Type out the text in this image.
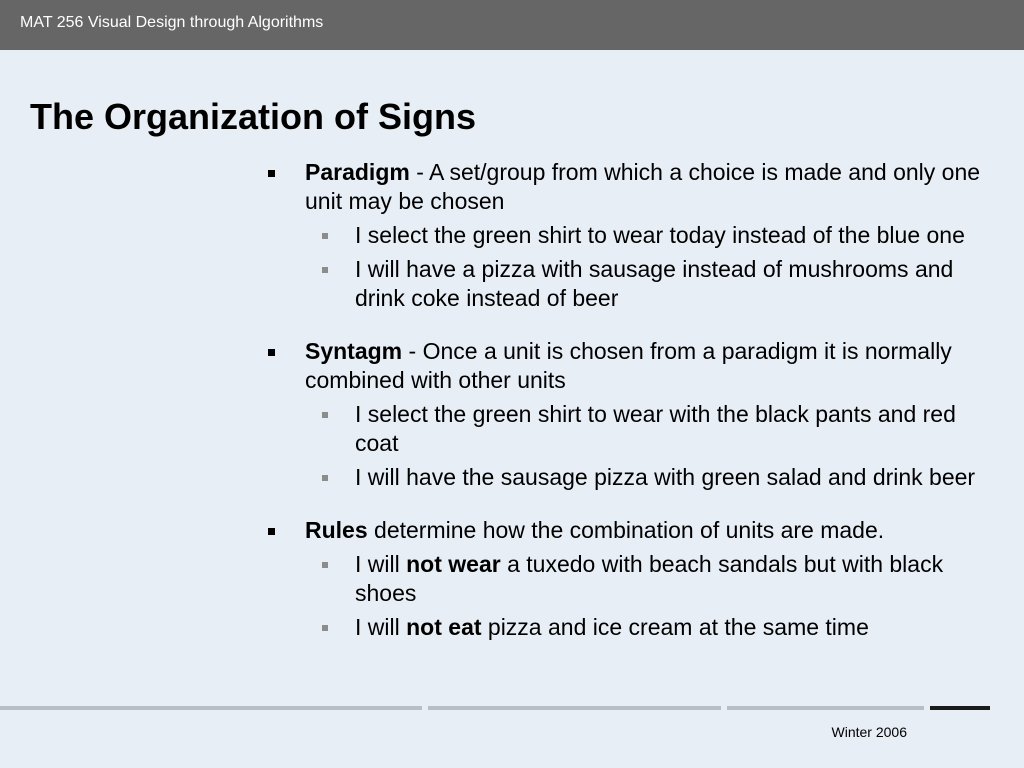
MAT 256 Visual Design through Algorithms
The Organization of Signs
Paradigm - A set/group from which a choice is made and only one unit may be chosen
I select the green shirt to wear today instead of the blue one
I will have a pizza with sausage instead of mushrooms and drink coke instead of beer
Syntagm - Once a unit is chosen from a paradigm it is normally combined with other units
I select the green shirt to wear with the black pants and red coat
I will have the sausage pizza with green salad and drink beer
Rules determine how the combination of units are made.
I will not wear a tuxedo with beach sandals but with black shoes
I will not eat pizza and ice cream at the same time
Winter 2006
